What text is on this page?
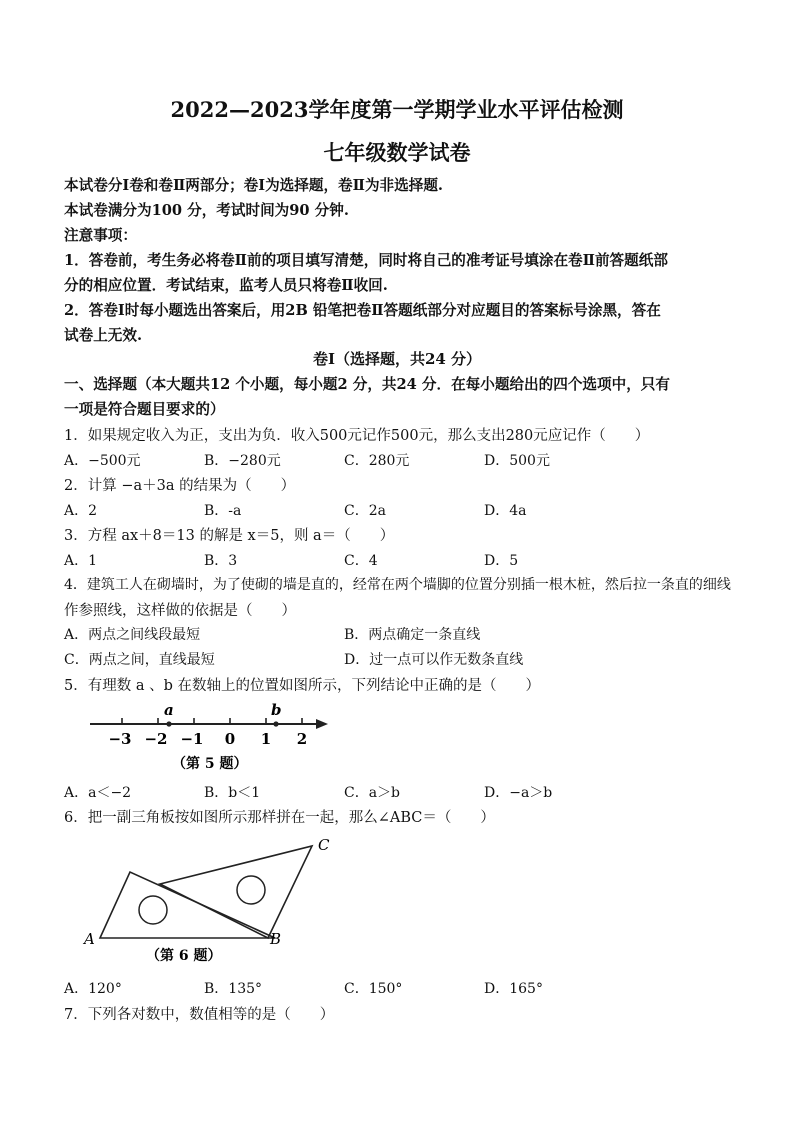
2022—2023学年度第一学期学业水平评估检测
七年级数学试卷
本试卷分Ⅰ卷和卷Ⅱ两部分；卷Ⅰ为选择题，卷Ⅱ为非选择题.
本试卷满分为100 分，考试时间为90 分钟.
注意事项：
1．答卷前，考生务必将卷Ⅱ前的项目填写清楚，同时将自己的准考证号填涂在卷Ⅱ前答题纸部
分的相应位置．考试结束，监考人员只将卷Ⅱ收回.
2．答卷Ⅰ时每小题选出答案后，用2B 铅笔把卷Ⅱ答题纸部分对应题目的答案标号涂黑，答在
试卷上无效.
卷Ⅰ（选择题，共24 分）
一、选择题（本大题共12 个小题，每小题2 分，共24 分．在每小题给出的四个选项中，只有
一项是符合题目要求的）
1．如果规定收入为正，支出为负．收入500元记作500元，那么支出280元应记作（　　）
A．−500元	B．−280元	C．280元	D．500元
2．计算 −a＋3a 的结果为（　　）
A．2	B．-a	C．2a	D．4a
3．方程 ax＋8＝13 的解是 x＝5，则 a＝（　　）
A．1	B．3	C．4	D．5
4．建筑工人在砌墙时，为了使砌的墙是直的，经常在两个墙脚的位置分别插一根木桩，然后拉一条直的细线
作参照线，这样做的依据是（　　）
A．两点之间线段最短	B．两点确定一条直线
C．两点之间，直线最短	D．过一点可以作无数条直线
5．有理数 a 、b 在数轴上的位置如图所示，下列结论中正确的是（　　）
a	b
−3 −2 −1 0 1 2
（第 5 题）
A．a＜−2	B．b＜1	C．a＞b	D．−a＞b
6．把一副三角板按如图所示那样拼在一起，那么∠ABC＝（　　）
A	B
C
（第 6 题）
A．120°	B．135°	C．150°	D．165°
7．下列各对数中，数值相等的是（　　）
